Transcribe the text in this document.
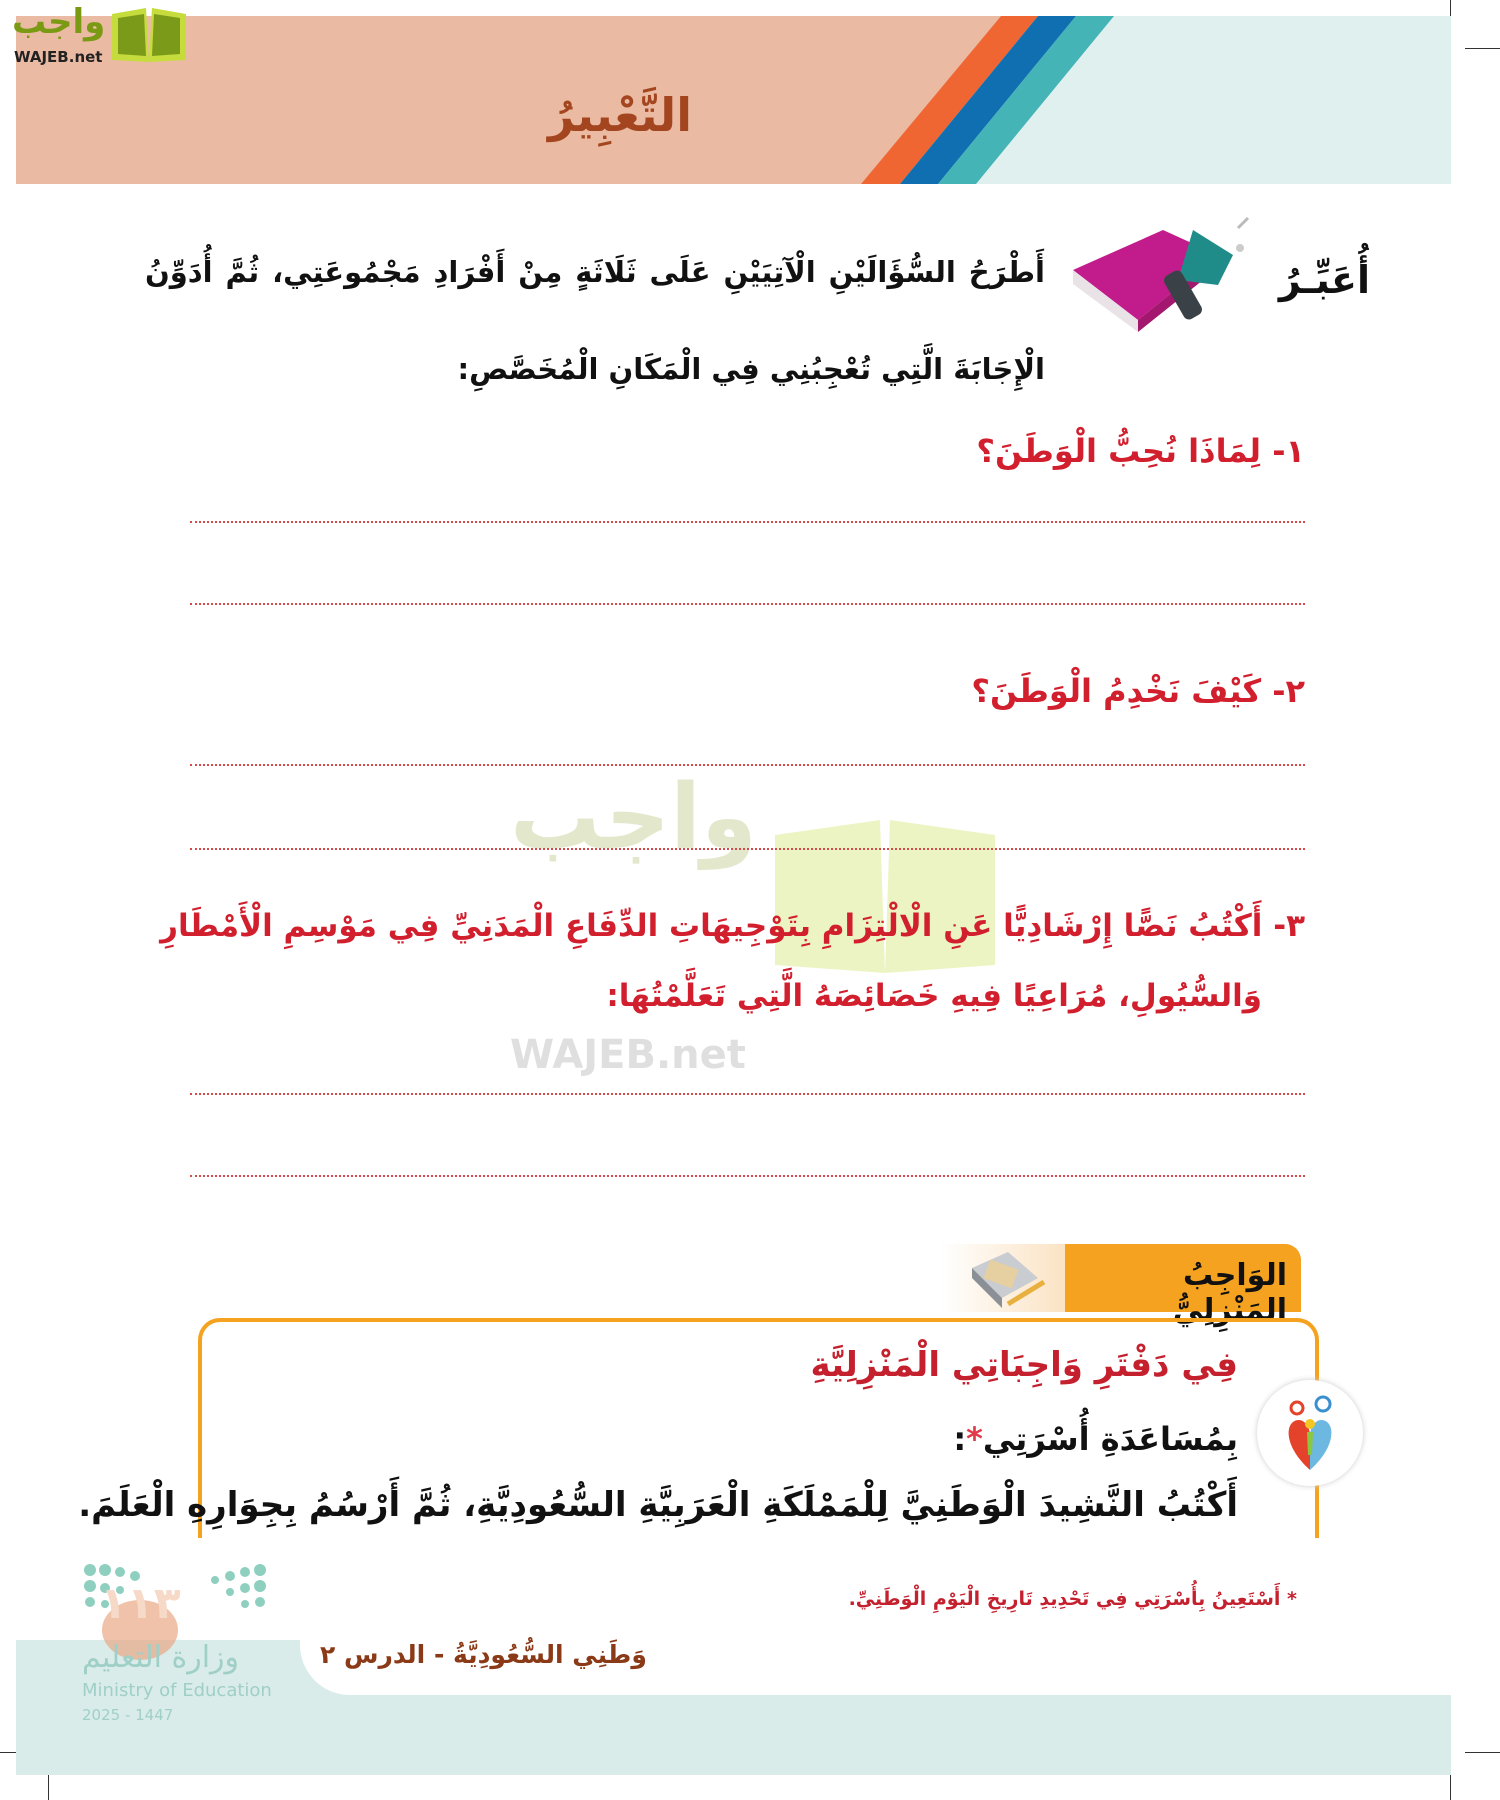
التَّعْبِيرُ
واجب
WAJEB.net
واجب
WAJEB.net
أُعَبِّـرُ
أَطْرَحُ السُّؤَالَيْنِ الْآتِيَيْنِ عَلَى ثَلَاثَةٍ مِنْ أَفْرَادِ مَجْمُوعَتِي، ثُمَّ أُدَوِّنُ
الْإِجَابَةَ الَّتِي تُعْجِبُنِي فِي الْمَكَانِ الْمُخَصَّصِ:
١- لِمَاذَا نُحِبُّ الْوَطَنَ؟
٢- كَيْفَ نَخْدِمُ الْوَطَنَ؟
٣- أَكْتُبُ نَصًّا إِرْشَادِيًّا عَنِ الْالْتِزَامِ بِتَوْجِيهَاتِ الدِّفَاعِ الْمَدَنِيِّ فِي مَوْسِمِ الْأَمْطَارِ
وَالسُّيُولِ، مُرَاعِيًا فِيهِ خَصَائِصَهُ الَّتِي تَعَلَّمْتُهَا:
الوَاجِبُ المَنْزِلِيُّ
فِي دَفْتَرِ وَاجِبَاتِي الْمَنْزِلِيَّةِ
بِمُسَاعَدَةِ أُسْرَتِي*:
أَكْتُبُ النَّشِيدَ الْوَطَنِيَّ لِلْمَمْلَكَةِ الْعَرَبِيَّةِ السُّعُودِيَّةِ، ثُمَّ أَرْسُمُ بِجِوَارِهِ الْعَلَمَ.
* أَسْتَعِينُ بِأُسْرَتِي فِي تَحْدِيدِ تَارِيخِ الْيَوْمِ الْوَطَنِيِّ.
وَطَنِي السُّعُودِيَّةُ - الدرس ٢
١١٣
وزارة التعليم
Ministry of Education
2025 - 1447
